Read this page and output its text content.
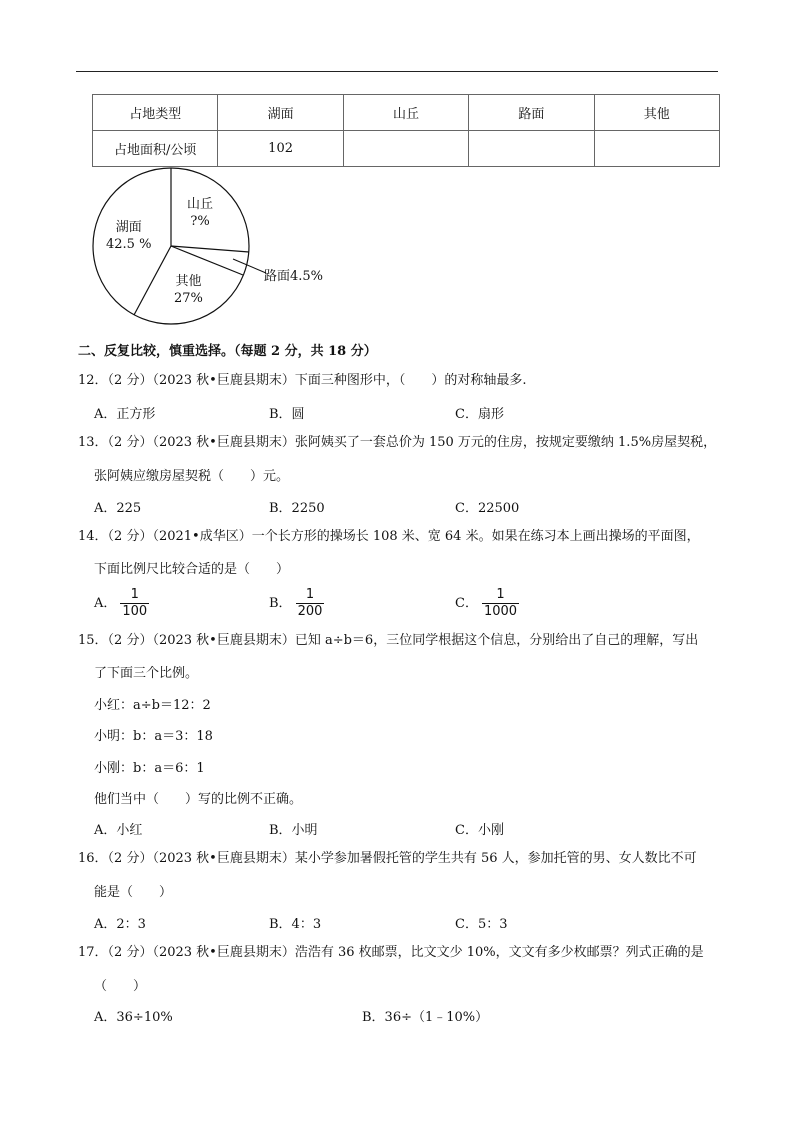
占地类型	湖面	山丘	路面	其他
占地面积/公顷	102			
湖面
42.5 %
山丘
?%
路面4.5%
其他
27%
二、反复比较，慎重选择。（每题 2 分，共 18 分）
12．（2 分）（2023 秋•巨鹿县期末）下面三种图形中，（　　）的对称轴最多.
A．正方形	B．圆	C．扇形
13．（2 分）（2023 秋•巨鹿县期末）张阿姨买了一套总价为 150 万元的住房，按规定要缴纳 1.5%房屋契税，
张阿姨应缴房屋契税（　　）元。
A．225	B．2250	C．22500
14．（2 分）（2021•成华区）一个长方形的操场长 108 米、宽 64 米。如果在练习本上画出操场的平面图，
下面比例尺比较合适的是（　　）
A． $\frac{1}{100}$	B． $\frac{1}{200}$	C． $\frac{1}{1000}$
15．（2 分）（2023 秋•巨鹿县期末）已知 a÷b＝6，三位同学根据这个信息，分别给出了自己的理解，写出
了下面三个比例。
小红：a÷b＝12：2
小明：b：a＝3：18
小刚：b：a＝6：1
他们当中（　　）写的比例不正确。
A．小红	B．小明	C．小刚
16．（2 分）（2023 秋•巨鹿县期末）某小学参加暑假托管的学生共有 56 人，参加托管的男、女人数比不可
能是（　　）
A．2：3	B．4：3	C．5：3
17．（2 分）（2023 秋•巨鹿县期末）浩浩有 36 枚邮票，比文文少 10%，文文有多少枚邮票？列式正确的是
（　　）
A．36÷10%	B．36÷（1﹣10%）
